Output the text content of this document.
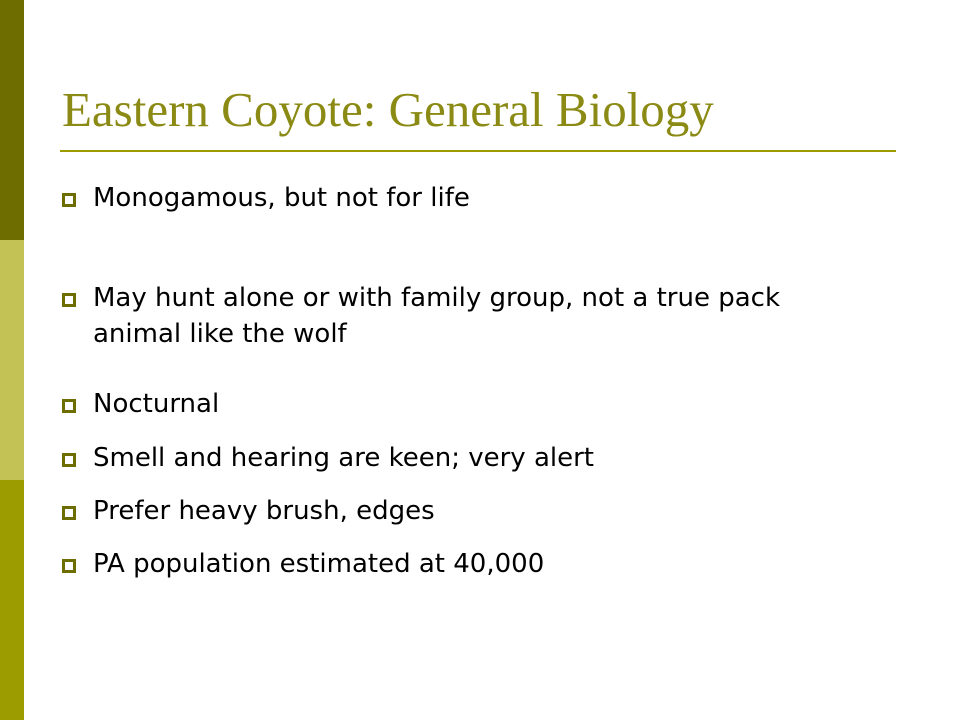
Eastern Coyote: General Biology
Monogamous, but not for life
May hunt alone or with family group, not a true pack animal like the wolf
Nocturnal
Smell and hearing are keen; very alert
Prefer heavy brush, edges
PA population estimated at 40,000
